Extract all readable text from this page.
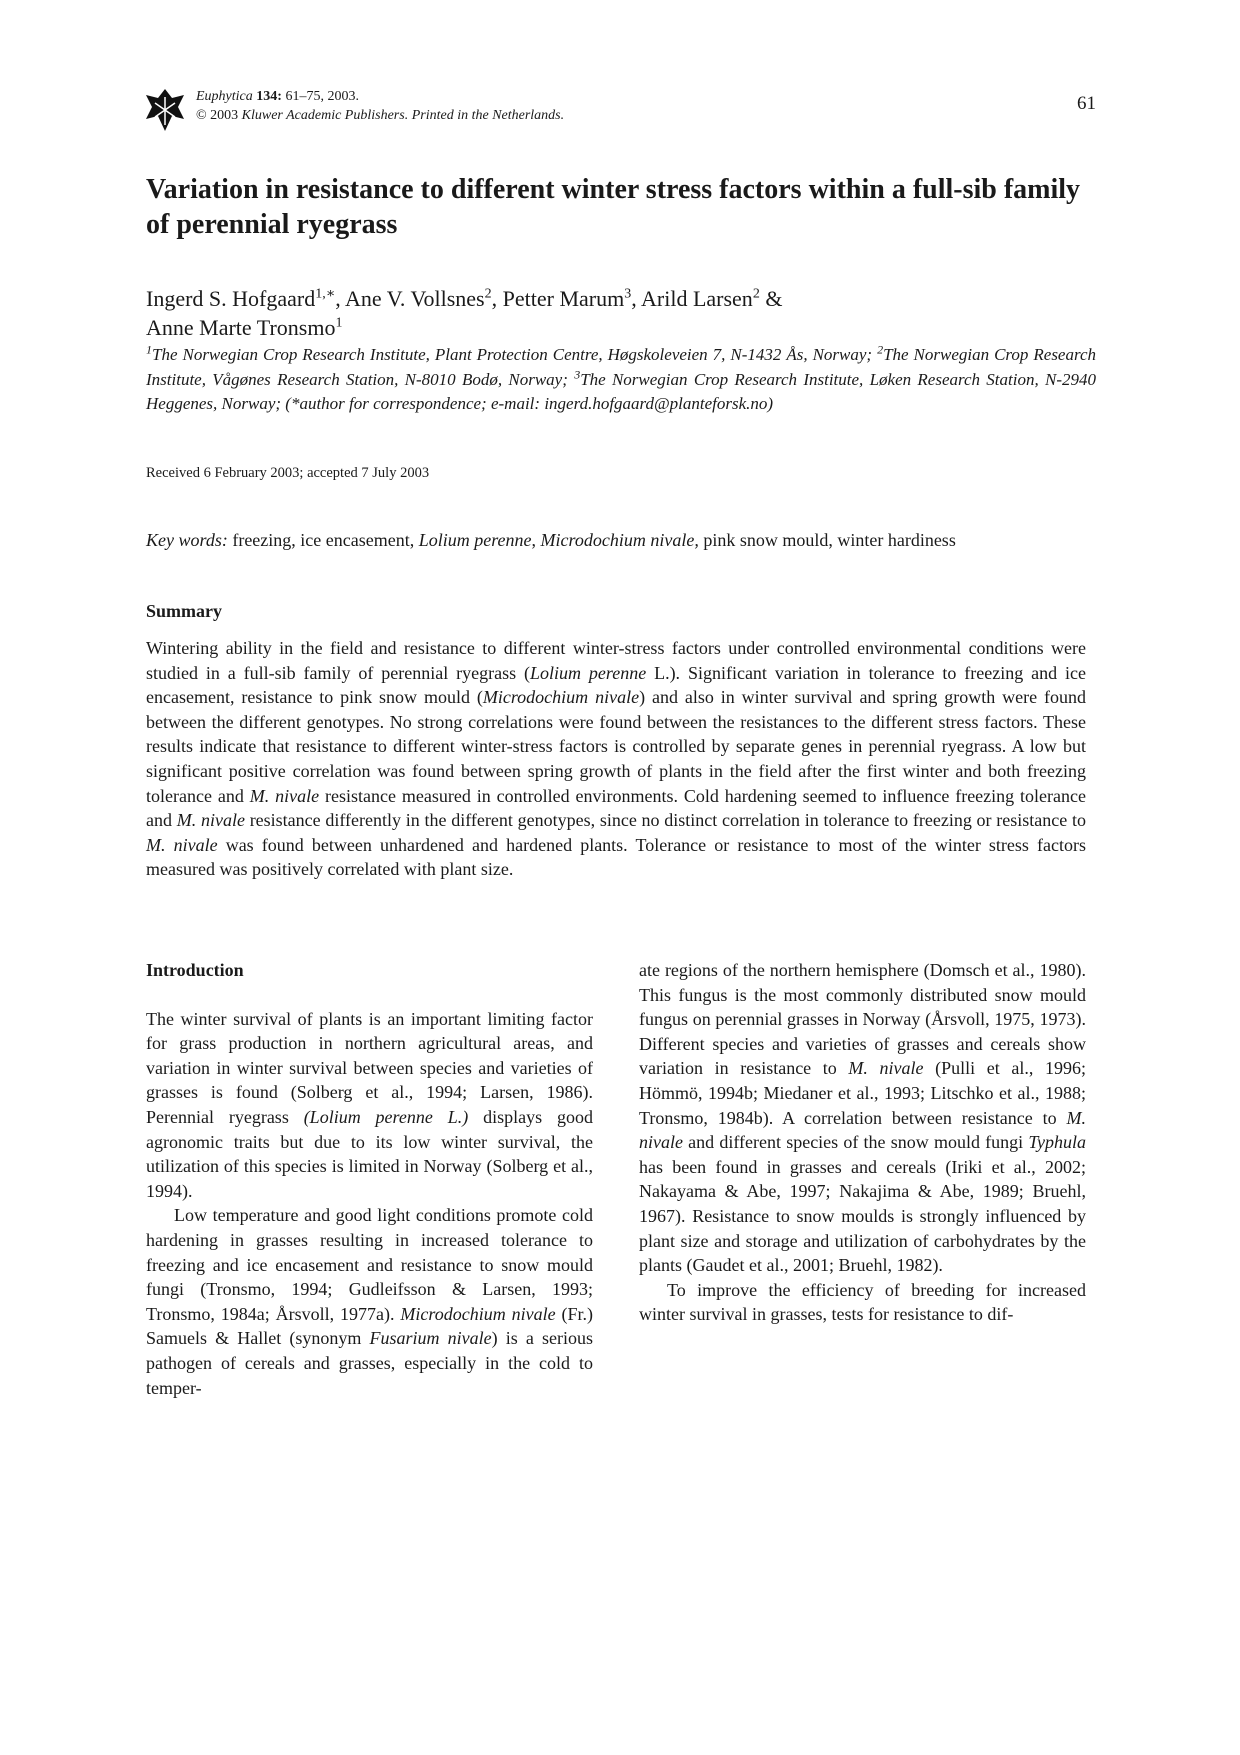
Euphytica 134: 61–75, 2003.
© 2003 Kluwer Academic Publishers. Printed in the Netherlands.
61
Variation in resistance to different winter stress factors within a full-sib family of perennial ryegrass
Ingerd S. Hofgaard$^{1,∗}$, Ane V. Vollsnes$^2$, Petter Marum$^3$, Arild Larsen$^2$ &
Anne Marte Tronsmo$^1$
$^1$The Norwegian Crop Research Institute, Plant Protection Centre, Høgskoleveien 7, N-1432 Ås, Norway; $^2$The Norwegian Crop Research Institute, Vågønes Research Station, N-8010 Bodø, Norway; $^3$The Norwegian Crop Research Institute, Løken Research Station, N-2940 Heggenes, Norway; (*author for correspondence; e-mail: ingerd.hofgaard@planteforsk.no)
Received 6 February 2003; accepted 7 July 2003
Key words: freezing, ice encasement, Lolium perenne, Microdochium nivale, pink snow mould, winter hardiness
Summary

Wintering ability in the field and resistance to different winter-stress factors under controlled environmental conditions were studied in a full-sib family of perennial ryegrass (Lolium perenne L.). Significant variation in tolerance to freezing and ice encasement, resistance to pink snow mould (Microdochium nivale) and also in winter survival and spring growth were found between the different genotypes. No strong correlations were found between the resistances to the different stress factors. These results indicate that resistance to different winter-stress factors is controlled by separate genes in perennial ryegrass. A low but significant positive correlation was found between spring growth of plants in the field after the first winter and both freezing tolerance and M. nivale resistance measured in controlled environments. Cold hardening seemed to influence freezing tolerance and M. nivale resistance differently in the different genotypes, since no distinct correlation in tolerance to freezing or resistance to M. nivale was found between unhardened and hardened plants. Tolerance or resistance to most of the winter stress factors measured was positively correlated with plant size.

Introduction

The winter survival of plants is an important limiting factor for grass production in northern agricultural areas, and variation in winter survival between species and varieties of grasses is found (Solberg et al., 1994; Larsen, 1986). Perennial ryegrass (Lolium perenne L.) displays good agronomic traits but due to its low winter survival, the utilization of this species is limited in Norway (Solberg et al., 1994).

Low temperature and good light conditions promote cold hardening in grasses resulting in increased tolerance to freezing and ice encasement and resistance to snow mould fungi (Tronsmo, 1994; Gudleifsson & Larsen, 1993; Tronsmo, 1984a; Årsvoll, 1977a). Microdochium nivale (Fr.) Samuels & Hallet (synonym Fusarium nivale) is a serious pathogen of cereals and grasses, especially in the cold to temper-

ate regions of the northern hemisphere (Domsch et al., 1980). This fungus is the most commonly distributed snow mould fungus on perennial grasses in Norway (Årsvoll, 1975, 1973). Different species and varieties of grasses and cereals show variation in resistance to M. nivale (Pulli et al., 1996; Hömmö, 1994b; Miedaner et al., 1993; Litschko et al., 1988; Tronsmo, 1984b). A correlation between resistance to M. nivale and different species of the snow mould fungi Typhula has been found in grasses and cereals (Iriki et al., 2002; Nakayama & Abe, 1997; Nakajima & Abe, 1989; Bruehl, 1967). Resistance to snow moulds is strongly influenced by plant size and storage and utilization of carbohydrates by the plants (Gaudet et al., 2001; Bruehl, 1982).

To improve the efficiency of breeding for increased winter survival in grasses, tests for resistance to dif-
